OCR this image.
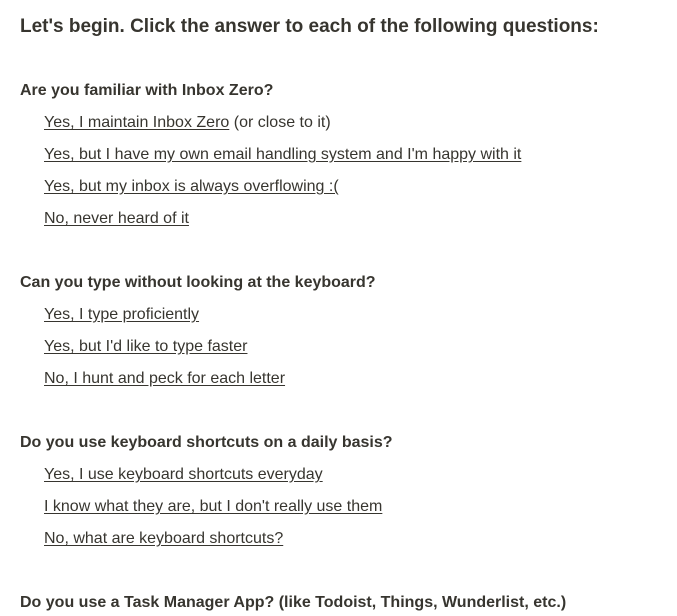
Let's begin. Click the answer to each of the following questions:
Are you familiar with Inbox Zero?
Yes, I maintain Inbox Zero (or close to it)
Yes, but I have my own email handling system and I'm happy with it
Yes, but my inbox is always overflowing :(
No, never heard of it
Can you type without looking at the keyboard?
Yes, I type proficiently
Yes, but I'd like to type faster
No, I hunt and peck for each letter
Do you use keyboard shortcuts on a daily basis?
Yes, I use keyboard shortcuts everyday
I know what they are, but I don't really use them
No, what are keyboard shortcuts?
Do you use a Task Manager App? (like Todoist, Things, Wunderlist, etc.)
